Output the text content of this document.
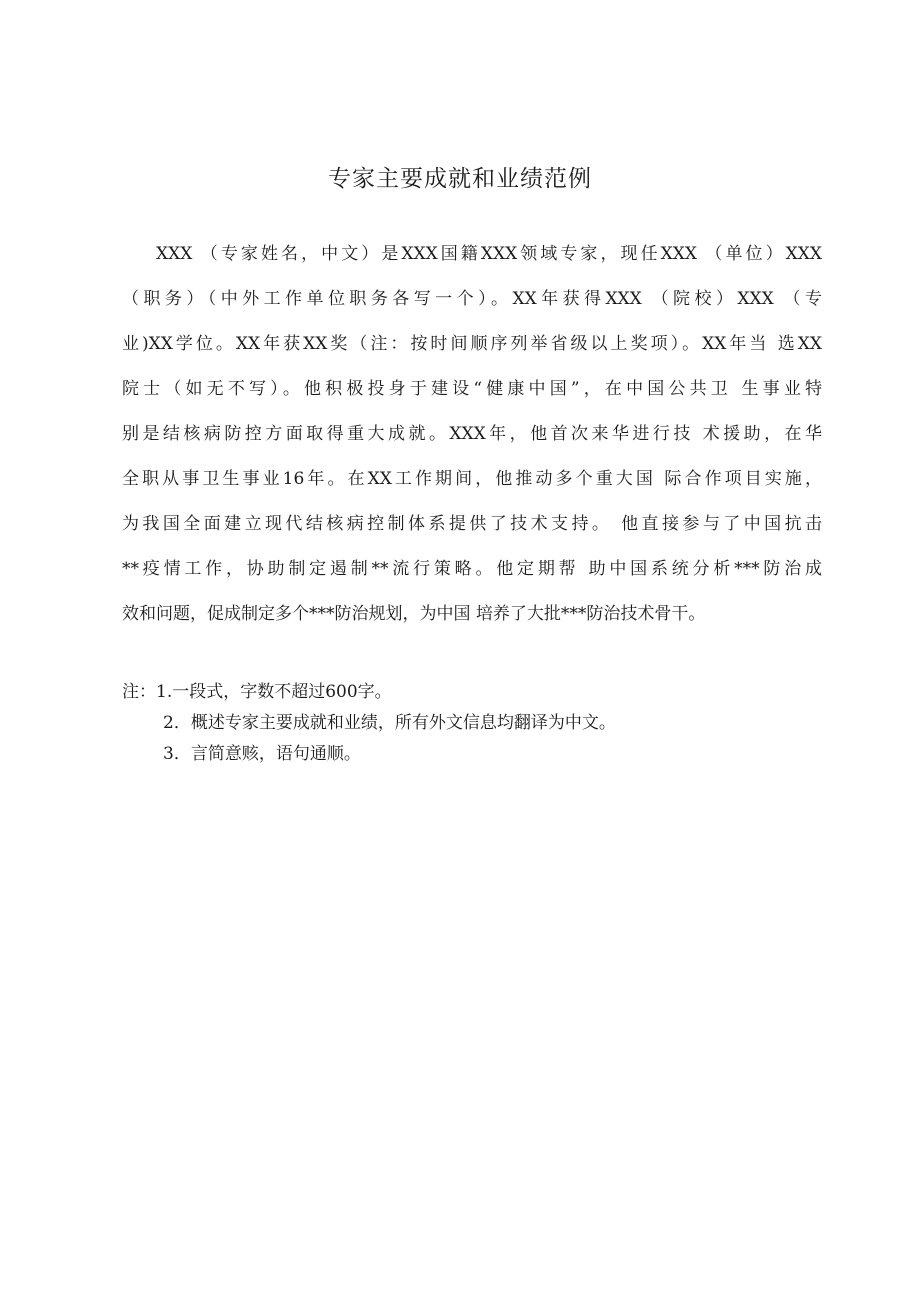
专家主要成就和业绩范例
XXX （专家姓名，中文）是XXX国籍XXX领域专家，现任XXX （单位）XXX
（职务）（中外工作单位职务各写一个）。XX年获得XXX （院校）XXX （专
业)XX学位。XX年获XX奖（注：按时间顺序列举省级以上奖项）。XX年当 选XX
院士（如无不写）。他积极投身于建设“健康中国”，在中国公共卫 生事业特
别是结核病防控方面取得重大成就。XXX年，他首次来华进行技 术援助，在华
全职从事卫生事业16年。在XX工作期间，他推动多个重大国 际合作项目实施，
为我国全面建立现代结核病控制体系提供了技术支持。 他直接参与了中国抗击
**疫情工作，协助制定遏制**流行策略。他定期帮 助中国系统分析***防治成
效和问题，促成制定多个***防治规划，为中国 培养了大批***防治技术骨干。
注：1.一段式，字数不超过600字。
2．概述专家主要成就和业绩，所有外文信息均翻译为中文。
3．言简意赅，语句通顺。
